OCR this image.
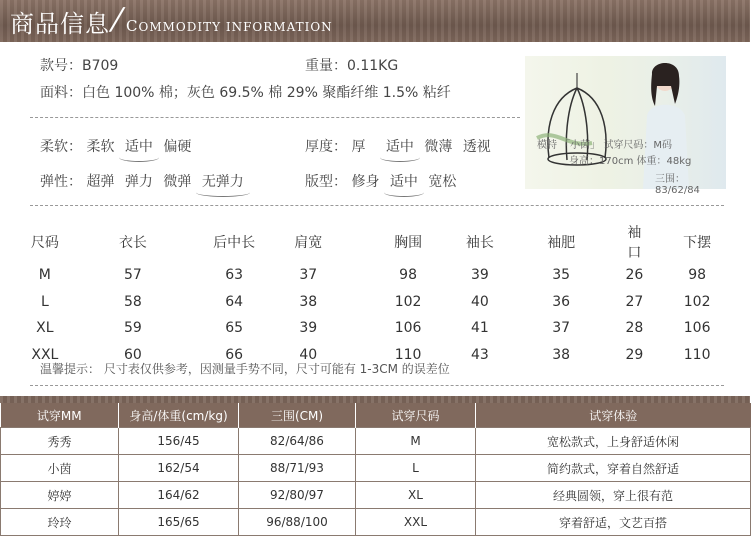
商品信息
/ COMMODITY INFORMATION
款号：B709	重量：0.11KG
面料：白色 100% 棉；灰色 69.5% 棉 29% 聚酯纤维 1.5% 粘纤
柔软： 柔软 适中 偏硬	厚度： 厚 适中 微薄 透视
弹性： 超弹 弹力 微弹 无弹力	版型： 修身 适中 宽松
模特 「小茵」 试穿尺码：M码
身高：170cm 体重：48kg
三围：83/62/84
尺码	衣长	后中长	肩宽	胸围	袖长	袖肥	袖口	下摆
M	57	63	37	98	39	35	26	98
L	58	64	38	102	40	36	27	102
XL	59	65	39	106	41	37	28	106
XXL	60	66	40	110	43	38	29	110
温馨提示： 尺寸表仅供参考，因测量手势不同，尺寸可能有 1-3CM 的误差位
试穿MM	身高/体重(cm/kg)	三围(CM)	试穿尺码	试穿体验
秀秀	156/45	82/64/86	M	宽松款式，上身舒适休闲
小茵	162/54	88/71/93	L	简约款式，穿着自然舒适
婷婷	164/62	92/80/97	XL	经典圆领，穿上很有范
玲玲	165/65	96/88/100	XXL	穿着舒适，文艺百搭
